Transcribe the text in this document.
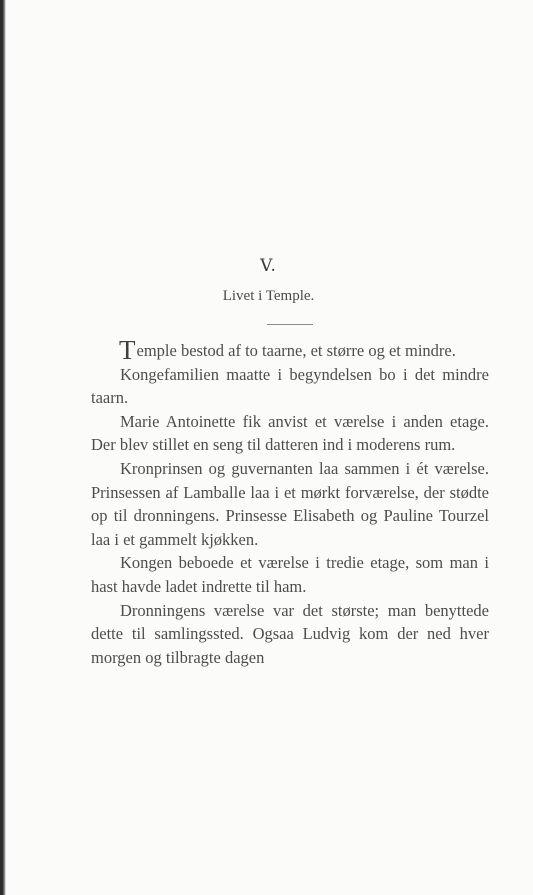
V.
Livet i Temple.

Temple bestod af to taarne, et større og et mindre.

Kongefamilien maatte i begyndelsen bo i det mindre taarn.

Marie Antoinette fik anvist et værelse i anden etage. Der blev stillet en seng til datteren ind i moderens rum.

Kronprinsen og guvernanten laa sammen i ét værelse. Prinsessen af Lamballe laa i et mørkt forværelse, der stødte op til dronningens. Prinsesse Elisabeth og Pauline Tourzel laa i et gammelt kjøkken.

Kongen beboede et værelse i tredie etage, som man i hast havde ladet indrette til ham.

Dronningens værelse var det største; man benyttede dette til samlingssted. Ogsaa Ludvig kom der ned hver morgen og tilbragte dagen
